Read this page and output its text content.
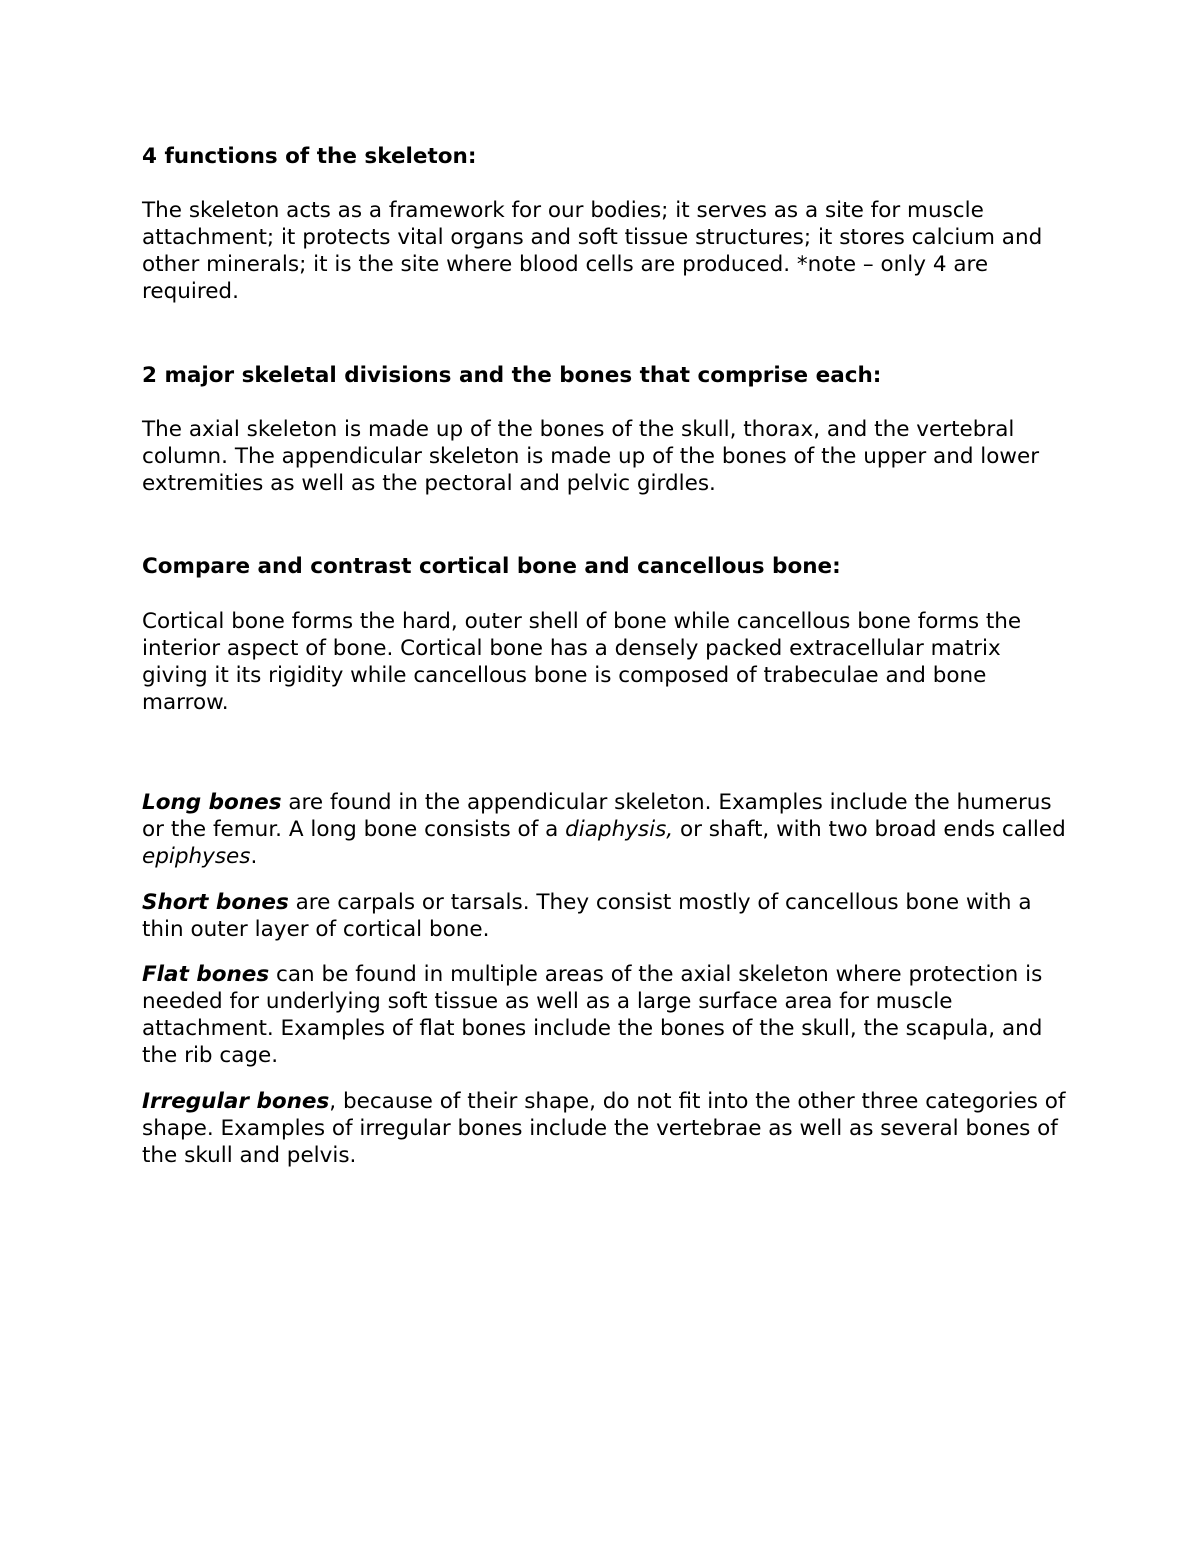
4 functions of the skeleton:

The skeleton acts as a framework for our bodies; it serves as a site for muscle attachment; it protects vital organs and soft tissue structures; it stores calcium and other minerals; it is the site where blood cells are produced. *note – only 4 are required.

2 major skeletal divisions and the bones that comprise each:

The axial skeleton is made up of the bones of the skull, thorax, and the vertebral column. The appendicular skeleton is made up of the bones of the upper and lower extremities as well as the pectoral and pelvic girdles.

Compare and contrast cortical bone and cancellous bone:

Cortical bone forms the hard, outer shell of bone while cancellous bone forms the interior aspect of bone. Cortical bone has a densely packed extracellular matrix giving it its rigidity while cancellous bone is composed of trabeculae and bone marrow.

Long bones are found in the appendicular skeleton. Examples include the humerus or the femur. A long bone consists of a diaphysis, or shaft, with two broad ends called epiphyses.

Short bones are carpals or tarsals. They consist mostly of cancellous bone with a thin outer layer of cortical bone.

Flat bones can be found in multiple areas of the axial skeleton where protection is needed for underlying soft tissue as well as a large surface area for muscle attachment. Examples of flat bones include the bones of the skull, the scapula, and the rib cage.

Irregular bones, because of their shape, do not fit into the other three categories of shape. Examples of irregular bones include the vertebrae as well as several bones of the skull and pelvis.
